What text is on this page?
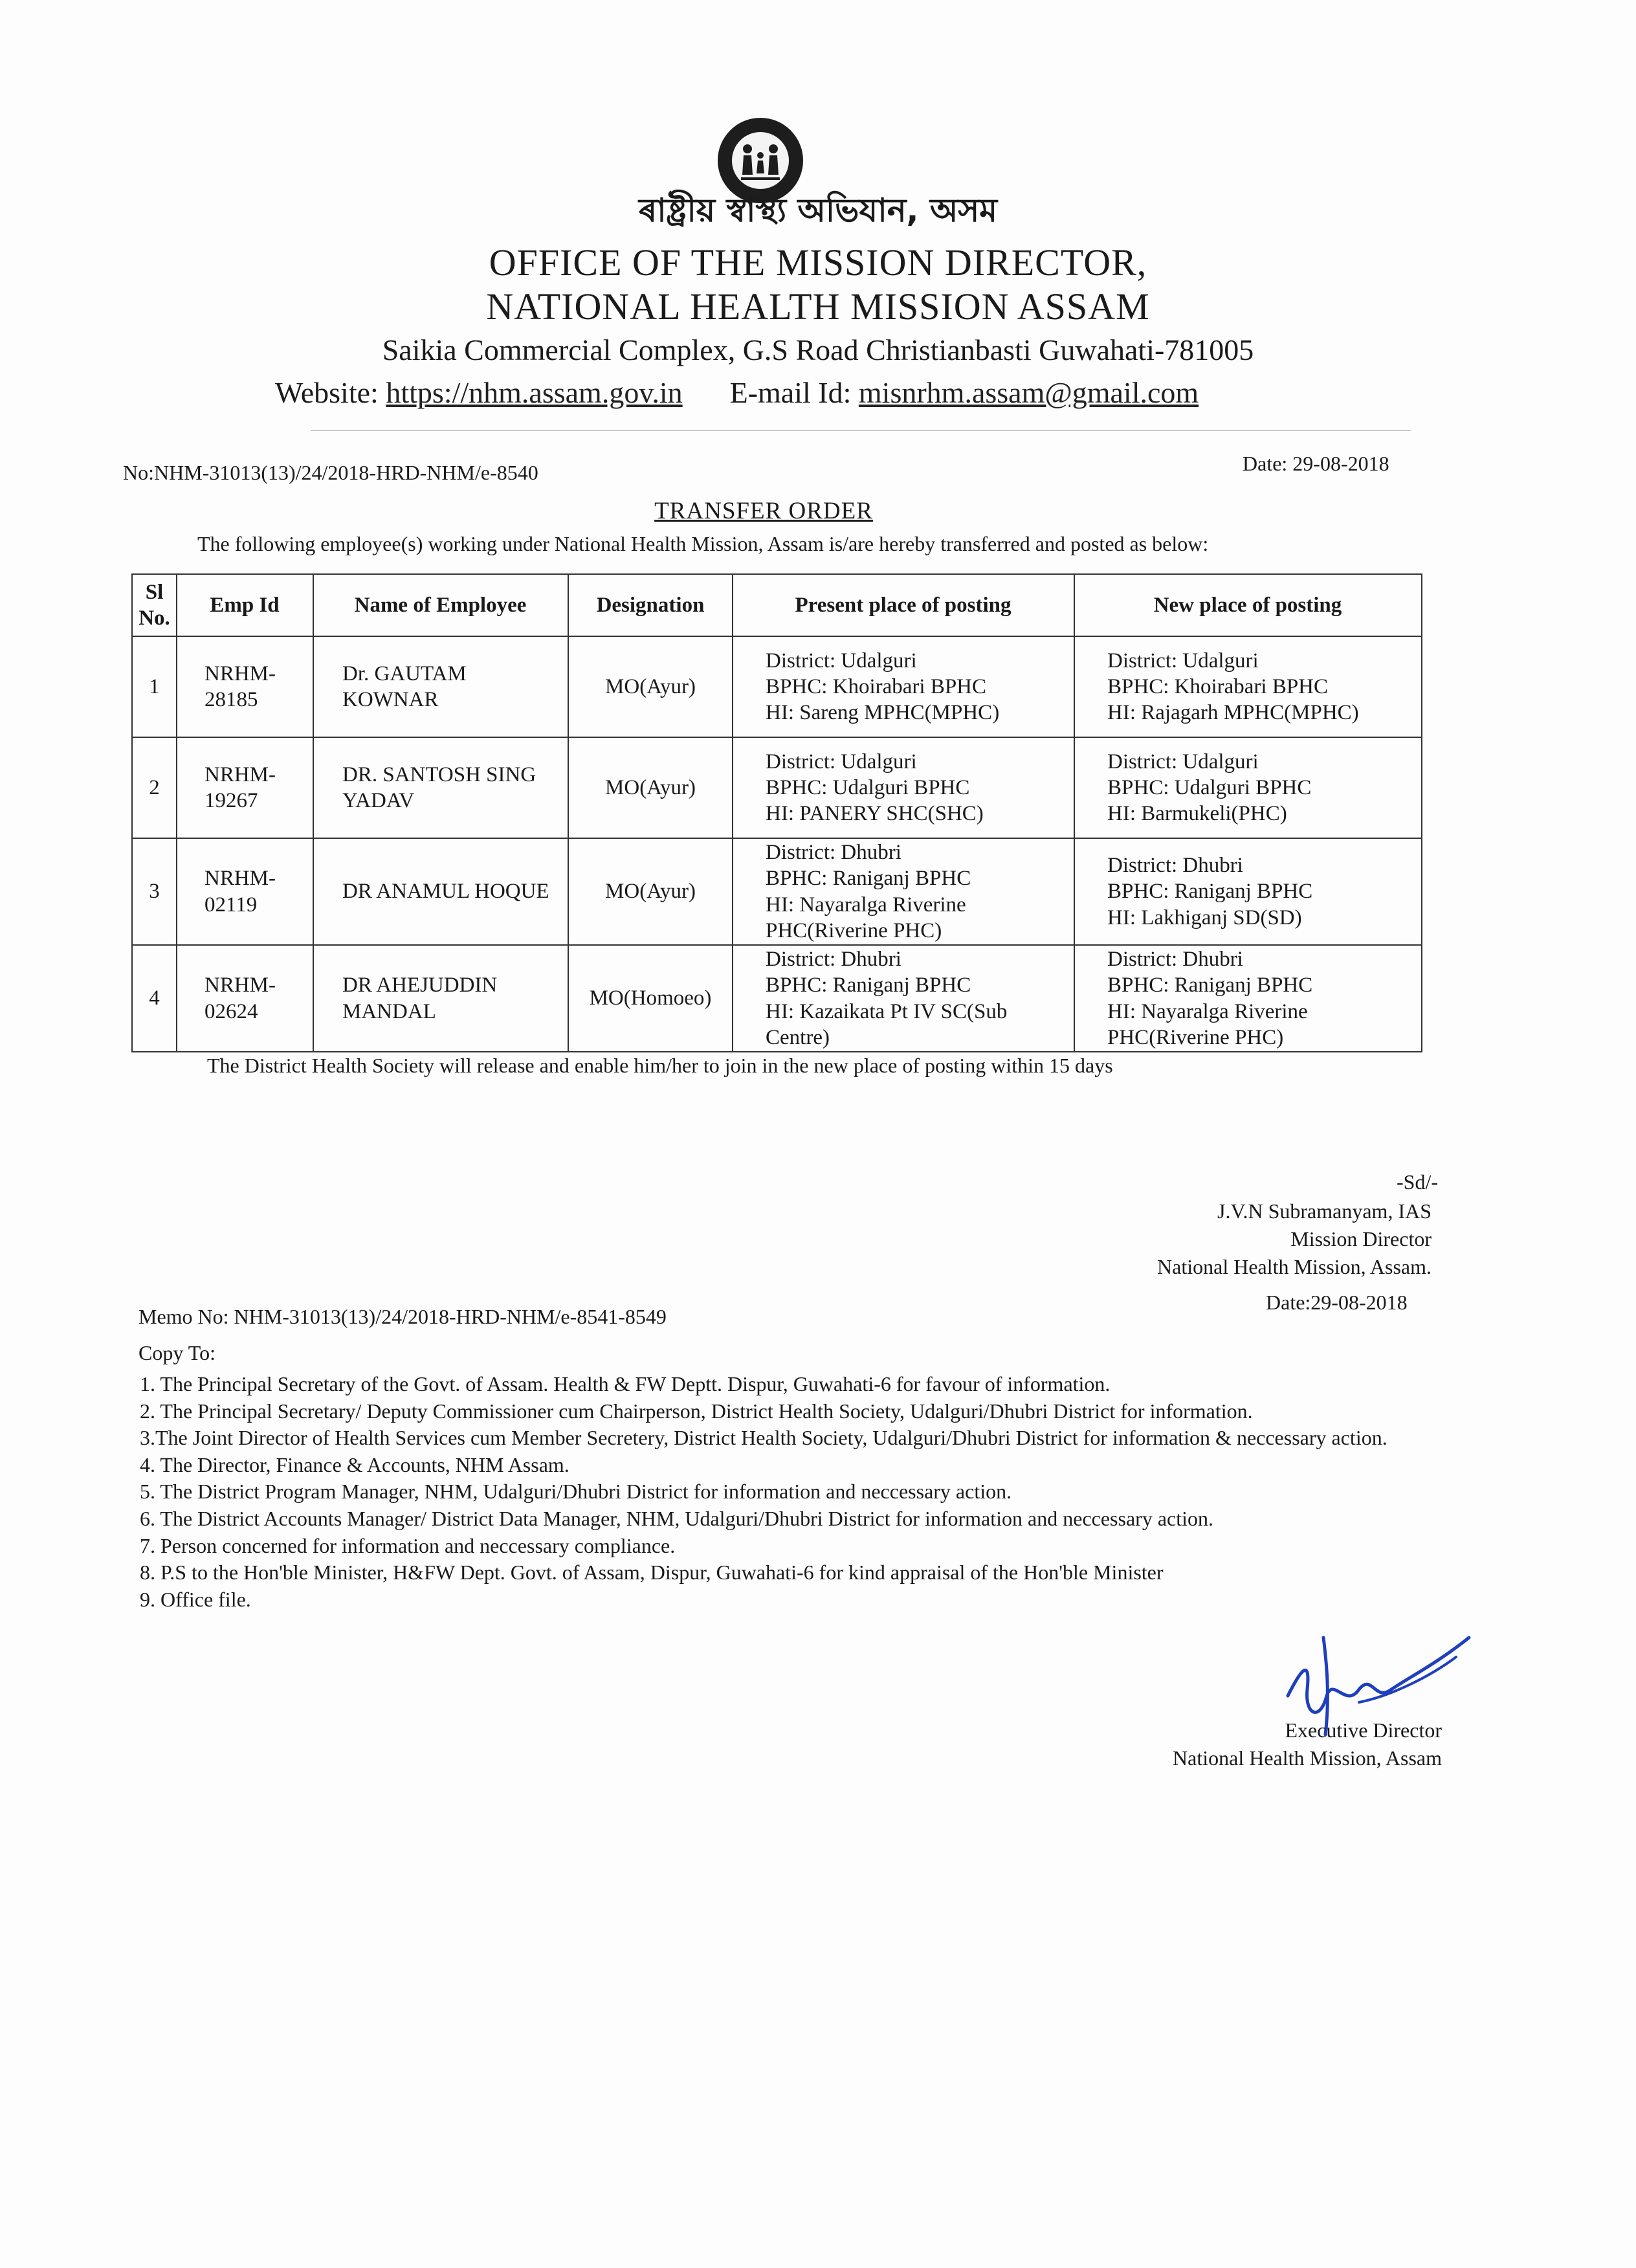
ৰাষ্ট্ৰীয় স্বাস্থ্য অভিযান, অসম
OFFICE OF THE MISSION DIRECTOR,
NATIONAL HEALTH MISSION ASSAM
Saikia Commercial Complex, G.S Road Christianbasti Guwahati-781005
Website: https://nhm.assam.gov.in E-mail Id: misnrhm.assam@gmail.com
No:NHM-31013(13)/24/2018-HRD-NHM/e-8540	Date: 29-08-2018
TRANSFER ORDER
The following employee(s) working under National Health Mission, Assam is/are hereby transferred and posted as below:
Sl No.	Emp Id	Name of Employee	Designation	Present place of posting	New place of posting
1	NRHM-28185	Dr. GAUTAM KOWNAR	MO(Ayur)	District: Udalguri
BPHC: Khoirabari BPHC
HI: Sareng MPHC(MPHC)	District: Udalguri
BPHC: Khoirabari BPHC
HI: Rajagarh MPHC(MPHC)

2	NRHM-19267	DR. SANTOSH SING YADAV	MO(Ayur)	District: Udalguri
BPHC: Udalguri BPHC
HI: PANERY SHC(SHC)	District: Udalguri
BPHC: Udalguri BPHC
HI: Barmukeli(PHC)

3	NRHM-02119	DR ANAMUL HOQUE	MO(Ayur)	District: Dhubri
BPHC: Raniganj BPHC
HI: Nayaralga Riverine PHC(Riverine PHC)	District: Dhubri
BPHC: Raniganj BPHC
HI: Lakhiganj SD(SD)

4	NRHM-02624	DR AHEJUDDIN MANDAL	MO(Homoeo)	District: Dhubri
BPHC: Raniganj BPHC
HI: Kazaikata Pt IV SC(Sub Centre)	District: Dhubri
BPHC: Raniganj BPHC
HI: Nayaralga Riverine PHC(Riverine PHC)
The District Health Society will release and enable him/her to join in the new place of posting within 15 days
-Sd/-
J.V.N Subramanyam, IAS
Mission Director
National Health Mission, Assam.
Date:29-08-2018
Memo No: NHM-31013(13)/24/2018-HRD-NHM/e-8541-8549
Copy To:

1. The Principal Secretary of the Govt. of Assam. Health & FW Deptt. Dispur, Guwahati-6 for favour of information.

2. The Principal Secretary/ Deputy Commissioner cum Chairperson, District Health Society, Udalguri/Dhubri District for information.

3.The Joint Director of Health Services cum Member Secretery, District Health Society, Udalguri/Dhubri District for information & neccessary action.

4. The Director, Finance & Accounts, NHM Assam.

5. The District Program Manager, NHM, Udalguri/Dhubri District for information and neccessary action.

6. The District Accounts Manager/ District Data Manager, NHM, Udalguri/Dhubri District for information and neccessary action.

7. Person concerned for information and neccessary compliance.

8. P.S to the Hon'ble Minister, H&FW Dept. Govt. of Assam, Dispur, Guwahati-6 for kind appraisal of the Hon'ble Minister

9. Office file.

Executive Director
National Health Mission, Assam
